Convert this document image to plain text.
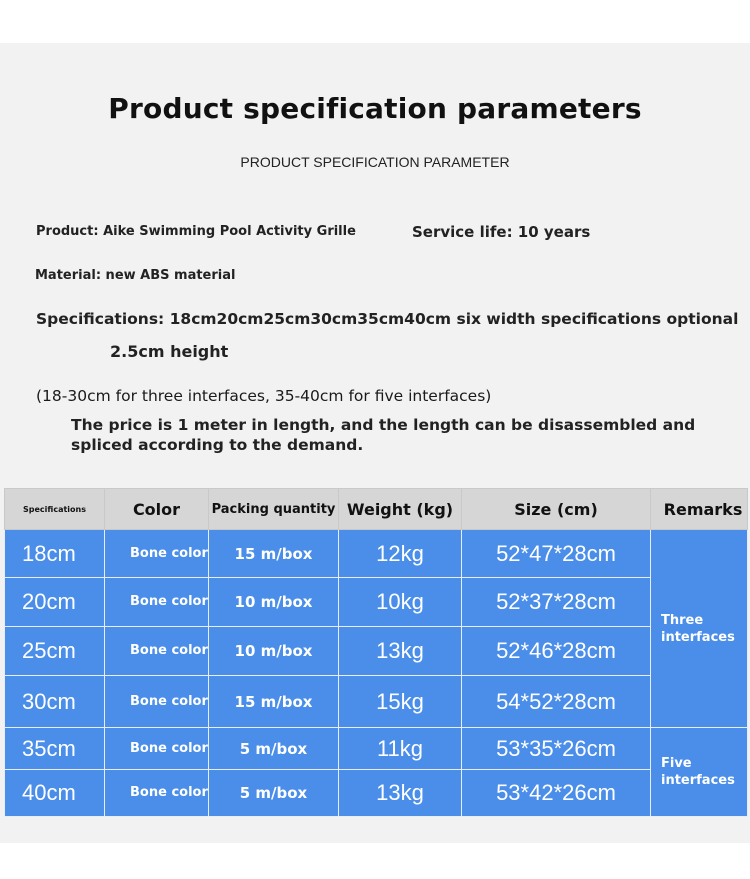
Product specification parameters
PRODUCT SPECIFICATION PARAMETER
Product: Aike Swimming Pool Activity Grille	Service life: 10 years
Material: new ABS material
Specifications: 18cm20cm25cm30cm35cm40cm six width specifications optional
2.5cm height
(18-30cm for three interfaces, 35-40cm for five interfaces)
The price is 1 meter in length, and the length can be disassembled and spliced according to the demand.
Specifications	Color	Packing quantity	Weight (kg)	Size (cm)	Remarks
18cm	Bone color	15 m/box	12kg	52*47*28cm	Three interfaces
20cm	Bone color	10 m/box	10kg	52*37*28cm	
25cm	Bone color	10 m/box	13kg	52*46*28cm	
30cm	Bone color	15 m/box	15kg	54*52*28cm	
35cm	Bone color	5 m/box	11kg	53*35*26cm	Five interfaces
40cm	Bone color	5 m/box	13kg	53*42*26cm	
